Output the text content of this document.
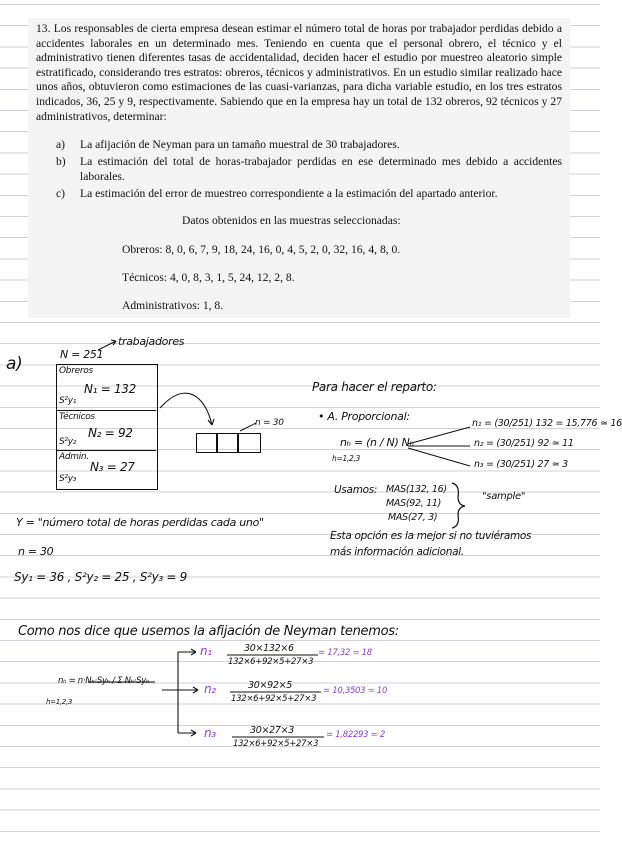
13. Los responsables de cierta empresa desean estimar el número total de horas por trabajador perdidas debido a accidentes laborales en un determinado mes. Teniendo en cuenta que el personal obrero, el técnico y el administrativo tienen diferentes tasas de accidentalidad, deciden hacer el estudio por muestreo aleatorio simple estratificado, considerando tres estratos: obreros, técnicos y administrativos. En un estudio similar realizado hace unos años, obtuvieron como estimaciones de las cuasi-varianzas, para dicha variable estudio, en los tres estratos indicados, 36, 25 y 9, respectivamente. Sabiendo que en la empresa hay un total de 132 obreros, 92 técnicos y 27 administrativos, determinar:
a)	La afijación de Neyman para un tamaño muestral de 30 trabajadores.
b)	La estimación del total de horas-trabajador perdidas en ese determinado mes debido a accidentes laborales.
c)	La estimación del error de muestreo correspondiente a la estimación del apartado anterior.
Datos obtenidos en las muestras seleccionadas:
Obreros: 8, 0, 6, 7, 9, 18, 24, 16, 0, 4, 5, 2, 0, 32, 16, 4, 8, 0.
Técnicos: 4, 0, 8, 3, 1, 5, 24, 12, 2, 8.
Administrativos: 1, 8.
a)	N = 251
trabajadores
Obreros
N₁ = 132
S²y₁
Técnicos
N₂ = 92
S²y₂
Admin.
N₃ = 27
S²y₃
n = 30
Para hacer el reparto:
• A. Proporcional:
nₕ = (n / N) Nₕ
h=1,2,3
n₁ = (30/251) 132 = 15,776 ≃ 16
n₂ = (30/251) 92 ≃ 11
n₃ = (30/251) 27 ≃ 3
Usamos: MAS(132, 16)
MAS(92, 11)
MAS(27, 3)
"sample"
Esta opción es la mejor si no tuviéramos
más información adicional.
Y = "número total de horas perdidas cada uno"
n = 30
Sy₁ = 36 , S²y₂ = 25 , S²y₃ = 9
Como nos dice que usemos la afijación de Neyman tenemos:
nₕ = n·Nₕ·Syₕ / Σ Nₕ·Syₕ
h=1,2,3
n₁	30×132×6
132×6+92×5+27×3
= 17,32 ≃ 18
n₂	30×92×5
132×6+92×5+27×3
= 10,3503 ≃ 10
n₃	30×27×3
132×6+92×5+27×3
= 1,82293 ≃ 2
